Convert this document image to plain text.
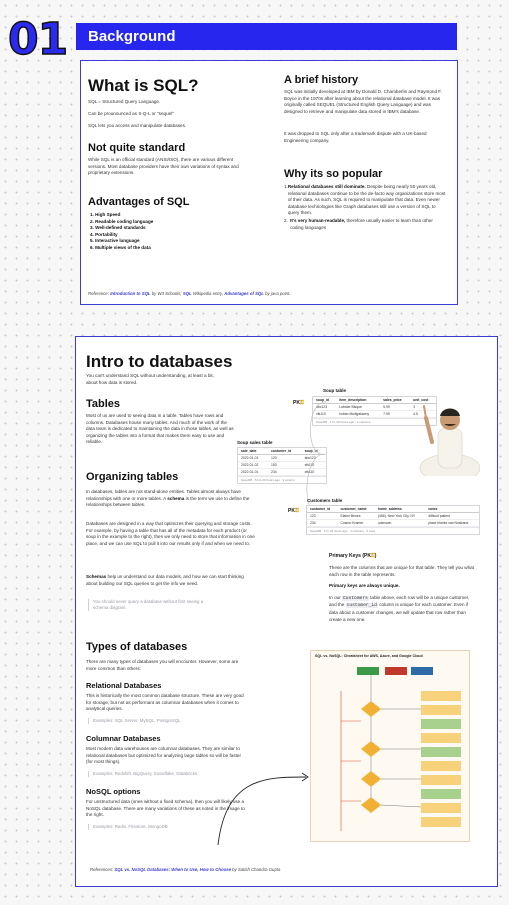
01	Background
What is SQL?
SQL = Structured Query Language.
Can be prounounced as S-Q-L or "sequel"
SQL lets you access and manipulate databases.
Not quite standard
While SQL is an official standard (ANSI/ISO), there are various different versions. Most database providers have their own variations of syntax and proprietary extensions.
Advantages of SQL
1. High Speed
2. Readable coding language
3. Well-defined standards
4. Portability
5. Interactive language
6. Multiple views of the data
A brief history
SQL was initially developed at IBM by Donald D. Chamberlin and Raymond F. Boyce in the 1970s after learning about the relational database model. It was originally called SEQUEL (Structured English Query Language) and was designed to retrieve and manipulate data stored in IBM's database.
It was dropped to SQL only after a trademark dispute with a UK-based Engineering company.
Why its so popular
1. Relational databases still dominate. Despite being nearly 50 years old, relational databases continue to be the de-facto way organizations store most of their data. As such, SQL is required to manipulate that data. Even newer database technologies like Graph databases still use a version of SQL to query them.
2. It's very human-readable, therefore usually easier to learn than other coding languages
Reference: Introduction to SQL by W3 Schools; SQL Wikipedia entry, Advantages of SQL by java point.
Intro to databases
You can't understand SQL without understanding, at least a bit, about how data is stored.
Tables
Most of us are used to seeing data in a table. Tables have rows and columns. Databases house many tables. And much of the work of the data team is dedicated to maintaining the data in those tables, as well as organizing the tables into a format that makes them easy to use and reliable.
Organizing tables
In databases, tables are not stand-alone entities. Tables almost always have relationships with one or more tables. A schema is the term we use to define the relationships between tables.
Databases are designed in a way that optimizes their querying and storage costs. For example, by having a table that has all of the metadata for each product (or soup in the example to the right), then we only need to store that information in one place, and we can use SQL to pull it into our results only if and when we need to.
Schemas help us understand our data models, and how we can start thinking about building our SQL queries to get the info we need.
You should never query a database without first seeing a schema diagram.
Soup table
PK⚿	soup_id	item_description	sales_price	unit_cost
abc123	Lobster Bisque	5.99	3
xfk110	Indian Mulligatawny	7.99	4.5
SoupDB · 1 hr, 20 hours ago · 2 columns
Soup sales table
sale_date	customer_id	soup_id
2022-01-01	123	abc123
2022-01-02	153	xfk110
2022-01-01	234	xfk110
SoupDB · 5 hrs 20 hours ago · 3 column
Customers table
PK⚿	customer_id	customer_name	home_address	notes
123	Elaine Benes	(456), New York City, NY	difficult patient
234	Cosmo Kramer	unknown	place blanks van Nostrand
SoupDB · 1 hr 20 hours ago · 4 columns · 5 rows
Primary Keys (PK⚿)
These are the columns that are unique for that table. They tell you what each row in the table represents.
Primary keys are always unique.
In our Customers table above, each row will be a unique customer, and the customer_id column is unique for each customer. Even if data about a customer changes, we will update that row rather than create a new one.
Types of databases
There are many types of databases you will encounter. However, some are more common than others:
Relational Databases
This is historically the most common database structure. These are very good for storage, but not as performant as columnar databases when it comes to analytical queries.
Examples: SQL Server, MySQL, PostgreSQL
Columnar Databases
Most modern data warehouses are columnar databases. They are similar to relational databases but optimized for analyzing large tables so will be faster (for most things).
Examples: Redshift, BigQuery, Snowflake, Databricks
NoSQL options
For unstructured data (ones without a fixed schema), then you will likely use a NoSQL database. There are many variations of these as noted in the image to the right.
Examples: Redis, Firestore, MongoDB
References: SQL vs. NoSQL Databases: When to Use, How to Choose by Satish Chandra Gupta
SQL vs. NoSQL: Cheatsheet for AWS, Azure, and Google Cloud
